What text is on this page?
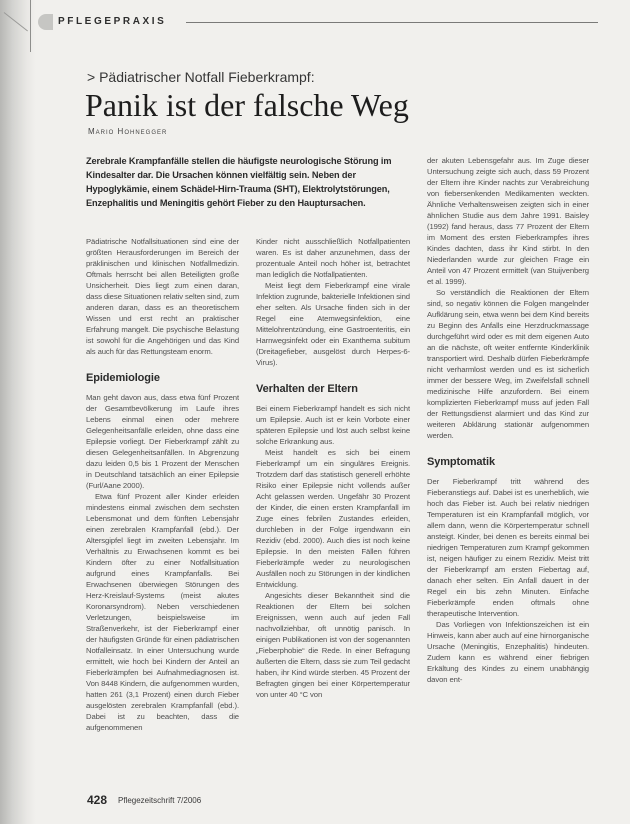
PFLEGEPRAXIS
> Pädiatrischer Notfall Fieberkrampf:
Panik ist der falsche Weg
Mario Hohnegger

Zerebrale Krampfanfälle stellen die häufigste neurologische Störung im Kindesalter dar. Die Ursachen können vielfältig sein. Neben der Hypoglykämie, einem Schädel-Hirn-Trauma (SHT), Elektrolytstörungen, Enzephalitis und Meningitis gehört Fieber zu den Hauptursachen.

Pädiatrische Notfallsituationen sind eine der größten Herausforderungen im Bereich der präklinischen und klinischen Notfallmedizin. Oftmals herrscht bei allen Beteiligten große Unsicherheit. Dies liegt zum einen daran, dass diese Situationen relativ selten sind, zum anderen daran, dass es an theoretischem Wissen und erst recht an praktischer Erfahrung mangelt. Die psychische Belastung ist sowohl für die Angehörigen und das Kind als auch für das Rettungsteam enorm.

Epidemiologie

Man geht davon aus, dass etwa fünf Prozent der Gesamtbevölkerung im Laufe ihres Lebens einmal einen oder mehrere Gelegenheitsanfälle erleiden, ohne dass eine Epilepsie vorliegt. Der Fieberkrampf zählt zu diesen Gelegenheitsanfällen. In Abgrenzung dazu leiden 0,5 bis 1 Prozent der Menschen in Deutschland tatsächlich an einer Epilepsie (Furl/Aane 2000).

Etwa fünf Prozent aller Kinder erleiden mindestens einmal zwischen dem sechsten Lebensmonat und dem fünften Lebensjahr einen zerebralen Krampfanfall (ebd.). Der Altersgipfel liegt im zweiten Lebensjahr. Im Verhältnis zu Erwachsenen kommt es bei Kindern öfter zu einer Notfallsituation aufgrund eines Krampfanfalls. Bei Erwachsenen überwiegen Störungen des Herz-Kreislauf-Systems (meist akutes Koronarsyndrom). Neben verschiedenen Verletzungen, beispielsweise im Straßenverkehr, ist der Fieberkrampf einer der häufigsten Gründe für einen pädiatrischen Notfalleinsatz. In einer Untersuchung wurde ermittelt, wie hoch bei Kindern der Anteil an Fieberkrämpfen bei Aufnahmediagnosen ist. Von 8448 Kindern, die aufgenommen wurden, hatten 261 (3,1 Prozent) einen durch Fieber ausgelösten zerebralen Krampfanfall (ebd.). Dabei ist zu beachten, dass die aufgenommenen

Kinder nicht ausschließlich Notfallpatienten waren. Es ist daher anzunehmen, dass der prozentuale Anteil noch höher ist, betrachtet man lediglich die Notfallpatienten.

Meist liegt dem Fieberkrampf eine virale Infektion zugrunde, bakterielle Infektionen sind eher selten. Als Ursache finden sich in der Regel eine Atemwegsinfektion, eine Mittelohrentzündung, eine Gastroenteritis, ein Harnwegsinfekt oder ein Exanthema subitum (Dreitagefieber, ausgelöst durch Herpes-6-Virus).

Verhalten der Eltern

Bei einem Fieberkrampf handelt es sich nicht um Epilepsie. Auch ist er kein Vorbote einer späteren Epilepsie und löst auch selbst keine solche Erkrankung aus.

Meist handelt es sich bei einem Fieberkrampf um ein singuläres Ereignis. Trotzdem darf das statistisch generell erhöhte Risiko einer Epilepsie nicht vollends außer Acht gelassen werden. Ungefähr 30 Prozent der Kinder, die einen ersten Krampfanfall im Zuge eines febrilen Zustandes erleiden, durchleben in der Folge irgendwann ein Rezidiv (ebd. 2000). Auch dies ist noch keine Epilepsie. In den meisten Fällen führen Fieberkrämpfe weder zu neurologischen Ausfällen noch zu Störungen in der kindlichen Entwicklung.

Angesichts dieser Bekanntheit sind die Reaktionen der Eltern bei solchen Ereignissen, wenn auch auf jeden Fall nachvollziehbar, oft unnötig panisch. In einigen Publikationen ist von der sogenannten „Fieberphobie“ die Rede. In einer Befragung äußerten die Eltern, dass sie zum Teil gedacht haben, ihr Kind würde sterben. 45 Prozent der Befragten gingen bei einer Körpertemperatur von unter 40 °C von

der akuten Lebensgefahr aus. Im Zuge dieser Untersuchung zeigte sich auch, dass 59 Prozent der Eltern ihre Kinder nachts zur Verabreichung von fiebersenkenden Medikamenten weckten. Ähnliche Verhaltensweisen zeigten sich in einer ähnlichen Studie aus dem Jahre 1991. Baisley (1992) fand heraus, dass 77 Prozent der Eltern im Moment des ersten Fieberkrampfes ihres Kindes dachten, dass ihr Kind stirbt. In den Niederlanden wurde zur gleichen Frage ein Anteil von 47 Prozent ermittelt (van Stuijvenberg et al. 1999).

So verständlich die Reaktionen der Eltern sind, so negativ können die Folgen mangelnder Aufklärung sein, etwa wenn bei dem Kind bereits zu Beginn des Anfalls eine Herzdruckmassage durchgeführt wird oder es mit dem eigenen Auto an die nächste, oft weiter entfernte Kinderklinik transportiert wird. Deshalb dürfen Fieberkrämpfe nicht verharmlost werden und es ist sicherlich immer der bessere Weg, im Zweifelsfall schnell medizinische Hilfe anzufordern. Bei einem komplizierten Fieberkrampf muss auf jeden Fall der Rettungsdienst alarmiert und das Kind zur weiteren Abklärung stationär aufgenommen werden.

Symptomatik

Der Fieberkrampf tritt während des Fieberanstiegs auf. Dabei ist es unerheblich, wie hoch das Fieber ist. Auch bei relativ niedrigen Temperaturen ist ein Krampfanfall möglich, vor allem dann, wenn die Körpertemperatur schnell ansteigt. Kinder, bei denen es bereits einmal bei niedrigen Temperaturen zum Krampf gekommen ist, neigen häufiger zu einem Rezidiv. Meist tritt der Fieberkrampf am ersten Fiebertag auf, danach eher selten. Ein Anfall dauert in der Regel ein bis zehn Minuten. Einfache Fieberkrämpfe enden oftmals ohne therapeutische Intervention.

Das Vorliegen von Infektionszeichen ist ein Hinweis, kann aber auch auf eine hirnorganische Ursache (Meningitis, Enzephalitis) hindeuten. Zudem kann es während einer fiebrigen Erkältung des Kindes zu einem unabhängig davon ent-

428 Pflegezeitschrift 7/2006
